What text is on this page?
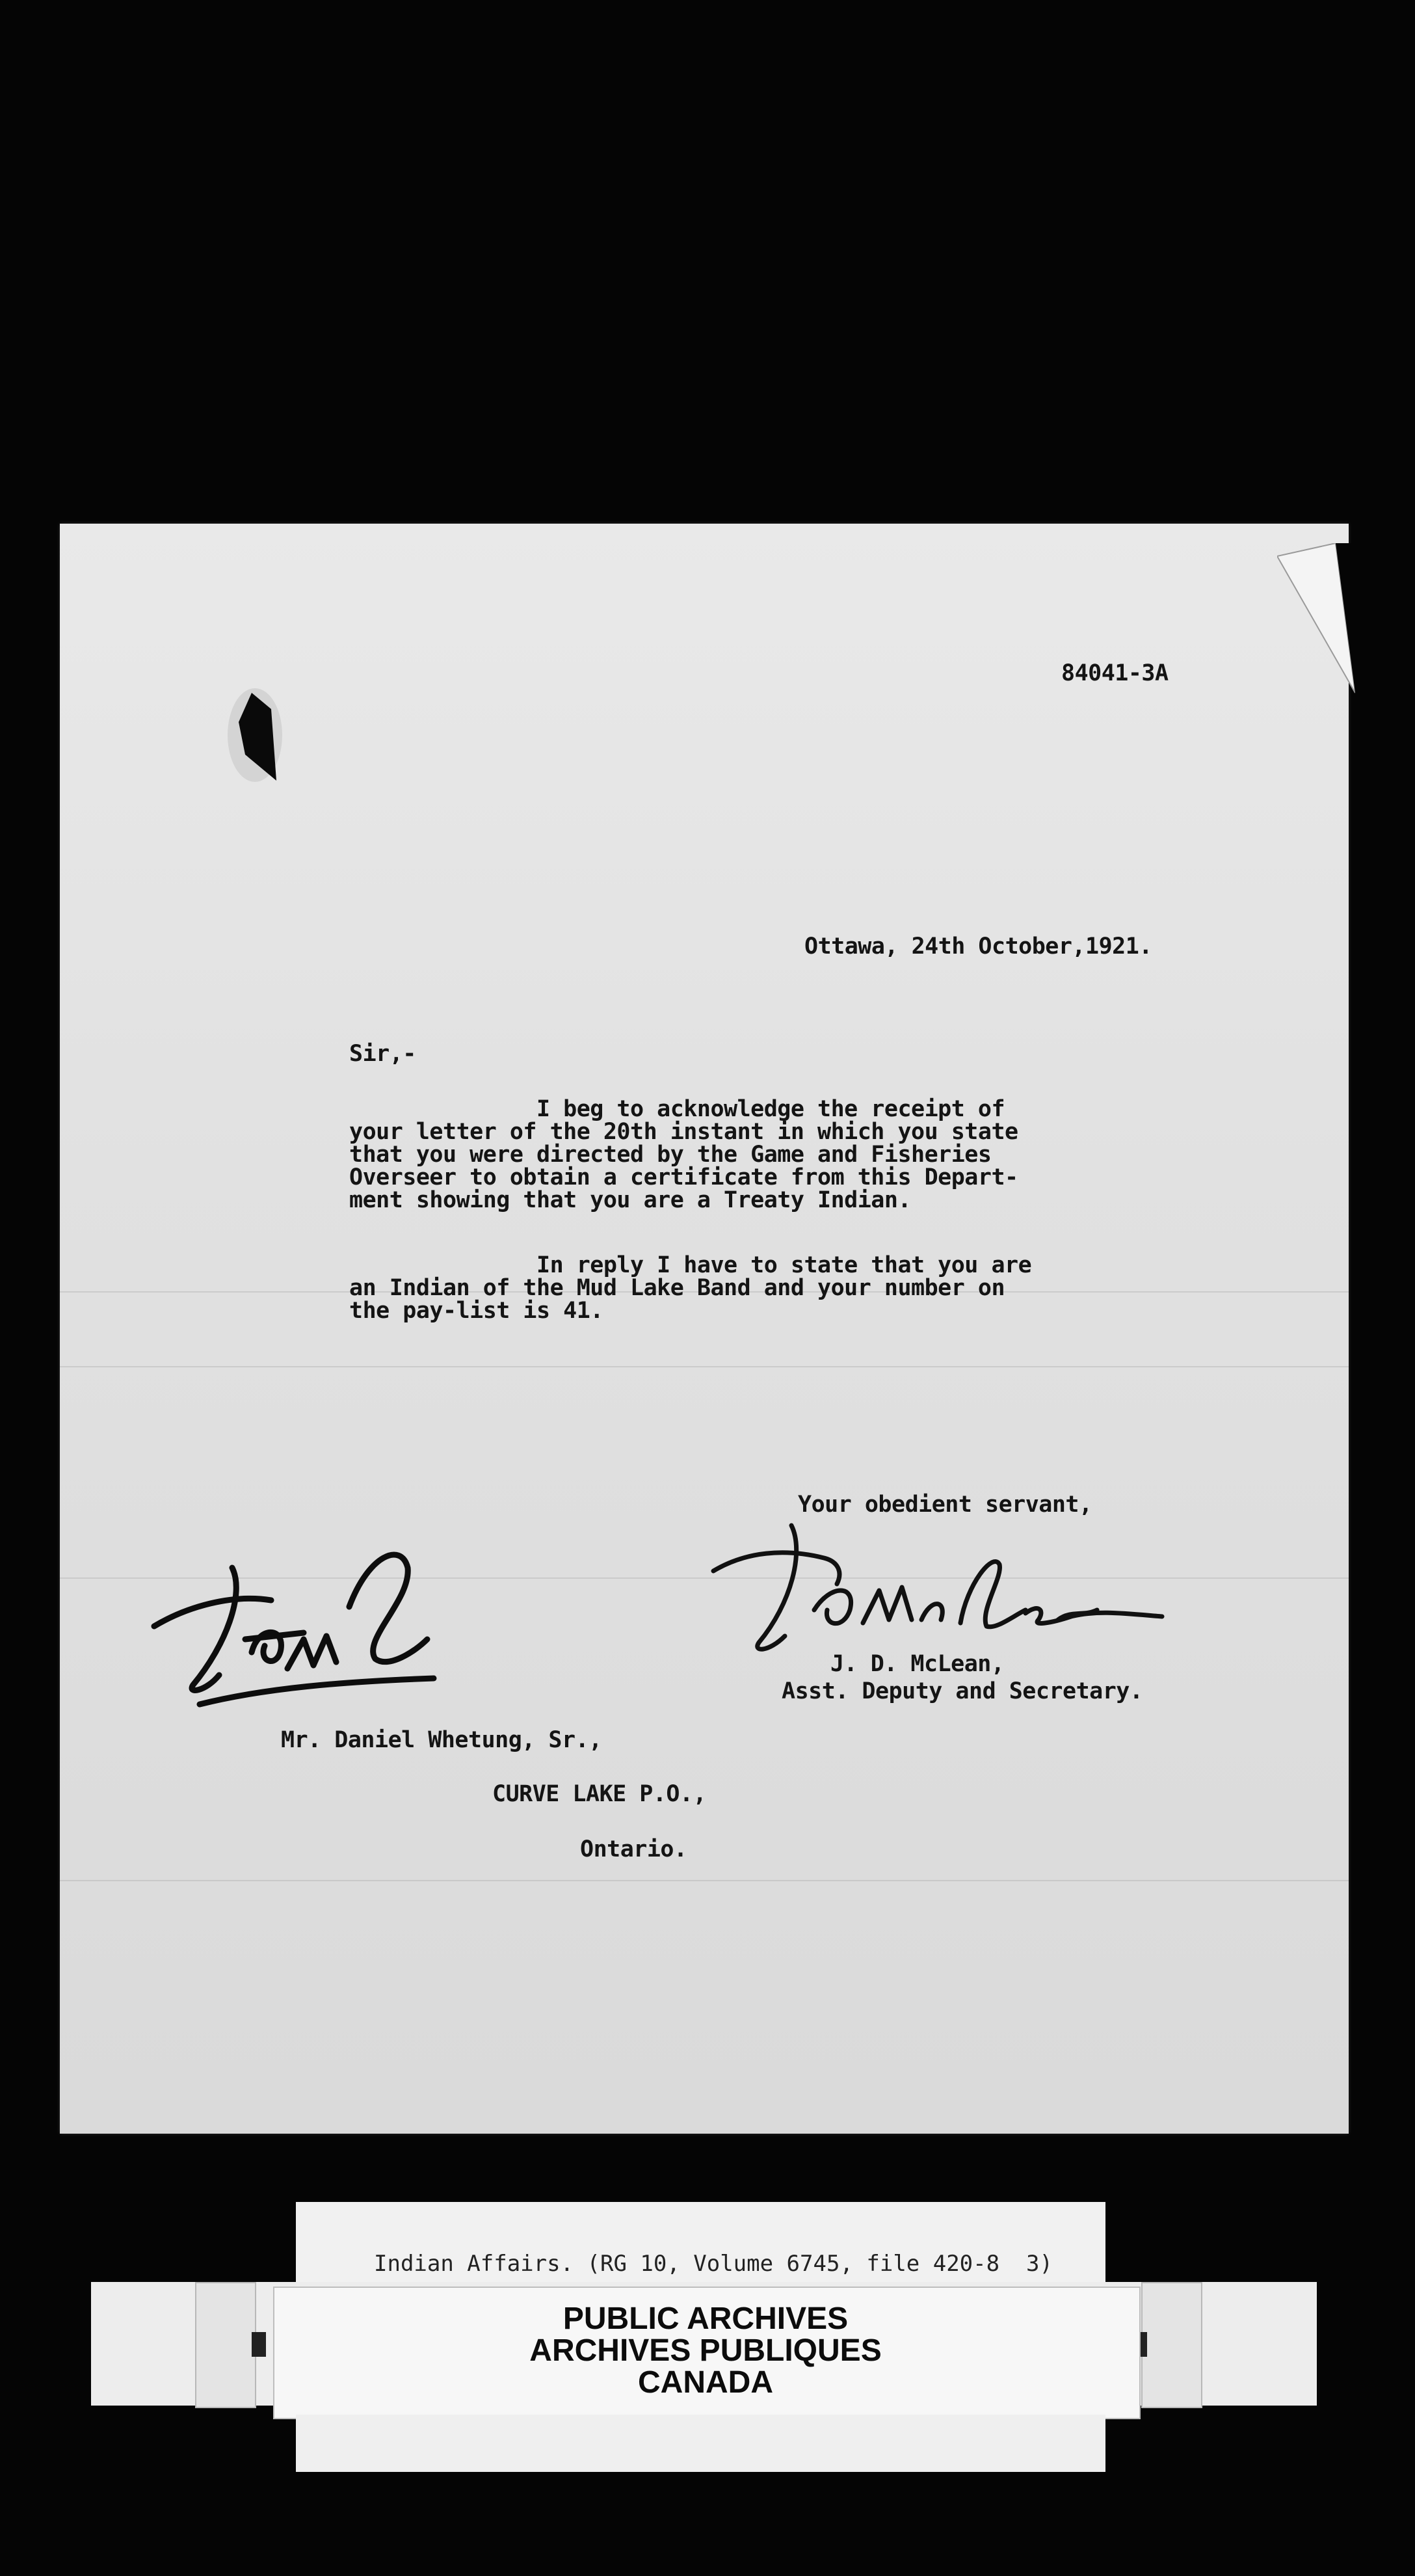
84041-3A
Ottawa, 24th October,1921.
Sir,-
I beg to acknowledge the receipt of
your letter of the 20th instant in which you state
that you were directed by the Game and Fisheries
Overseer to obtain a certificate from this Depart-
ment showing that you are a Treaty Indian.
In reply I have to state that you are
an Indian of the Mud Lake Band and your number on
the pay-list is 41.
Your obedient servant,
J. D. McLean,
Asst. Deputy and Secretary.
Mr. Daniel Whetung, Sr.,
CURVE LAKE P.O.,
Ontario.
Indian Affairs. (RG 10, Volume 6745, file 420-8  3)
PUBLIC ARCHIVES
ARCHIVES PUBLIQUES
CANADA
